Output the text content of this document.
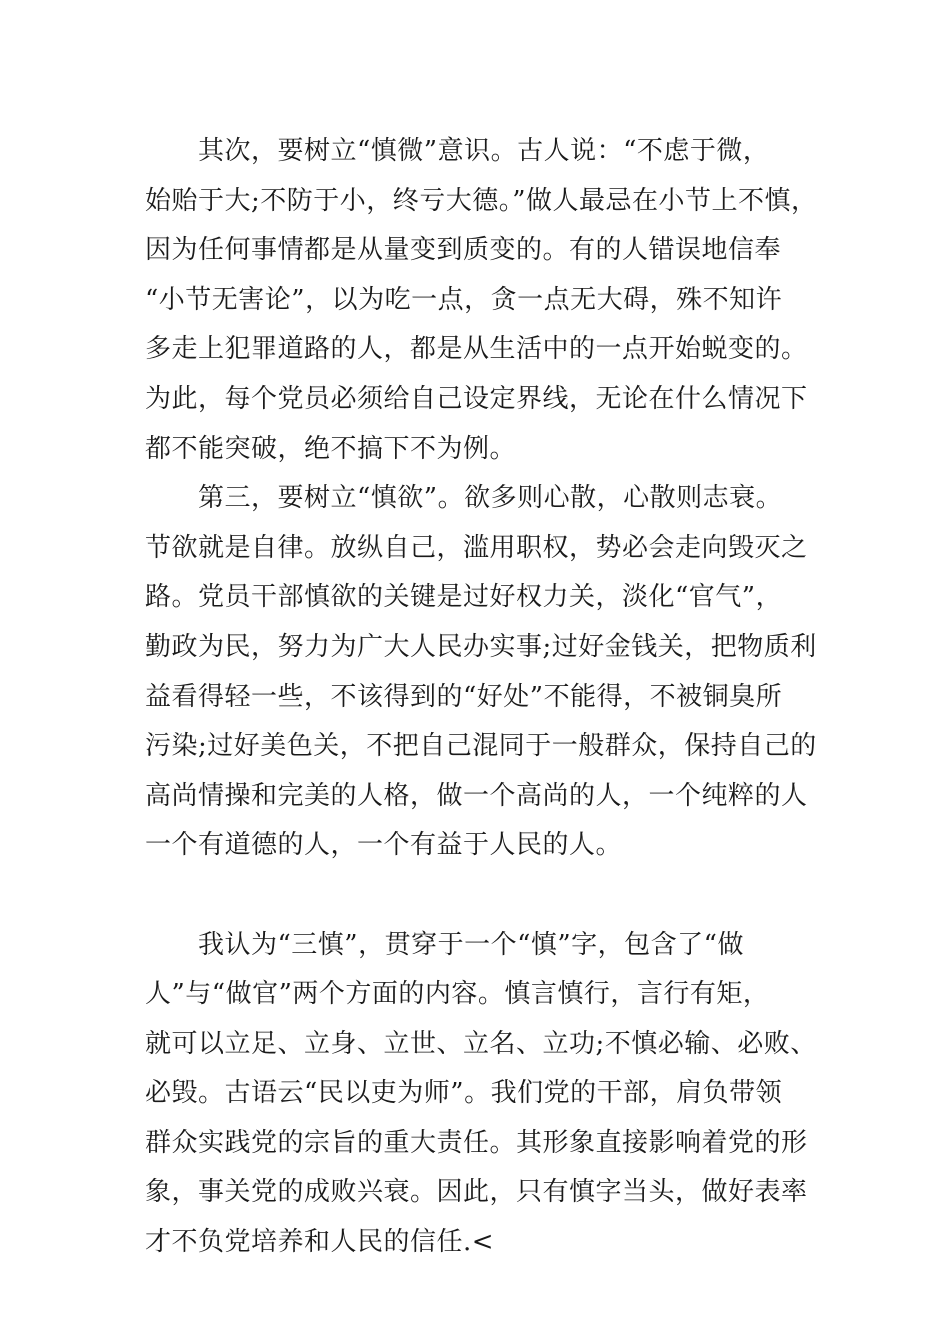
　　其次，要树立“慎微”意识。古人说：“不虑于微，
始贻于大;不防于小，终亏大德。”做人最忌在小节上不慎，
因为任何事情都是从量变到质变的。有的人错误地信奉
“小节无害论”，以为吃一点，贪一点无大碍，殊不知许
多走上犯罪道路的人，都是从生活中的一点开始蜕变的。
为此，每个党员必须给自己设定界线，无论在什么情况下
都不能突破，绝不搞下不为例。
　　第三，要树立“慎欲”。欲多则心散，心散则志衰。
节欲就是自律。放纵自己，滥用职权，势必会走向毁灭之
路。党员干部慎欲的关键是过好权力关，淡化“官气”，
勤政为民，努力为广大人民办实事;过好金钱关，把物质利
益看得轻一些，不该得到的“好处”不能得，不被铜臭所
污染;过好美色关，不把自己混同于一般群众，保持自己的
高尚情操和完美的人格，做一个高尚的人，一个纯粹的人
一个有道德的人，一个有益于人民的人。
　　我认为“三慎”，贯穿于一个“慎”字，包含了“做
人”与“做官”两个方面的内容。慎言慎行，言行有矩，
就可以立足、立身、立世、立名、立功;不慎必输、必败、
必毁。古语云“民以吏为师”。我们党的干部，肩负带领
群众实践党的宗旨的重大责任。其形象直接影响着党的形
象，事关党的成败兴衰。因此，只有慎字当头，做好表率
才不负党培养和人民的信任.<
